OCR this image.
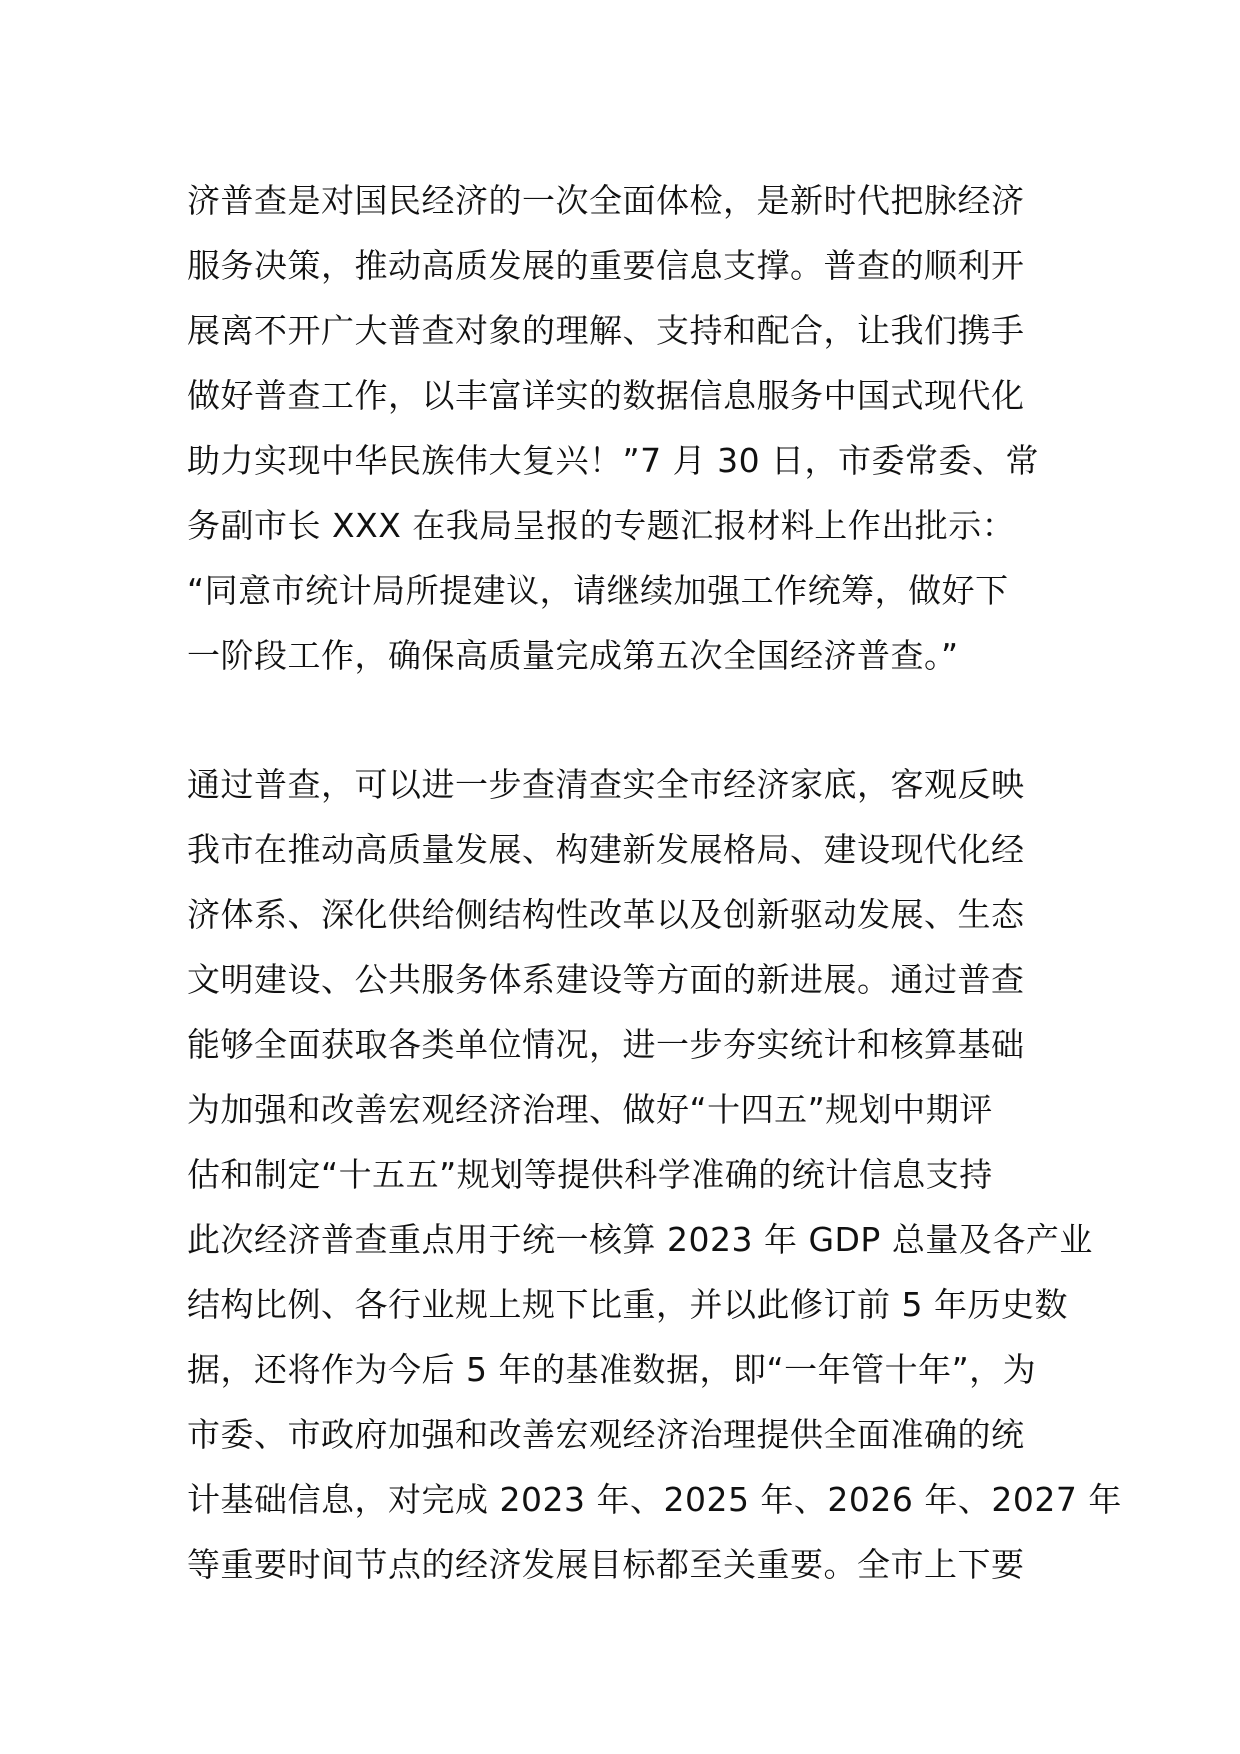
济普查是对国民经济的一次全面体检，是新时代把脉经济
服务决策，推动高质发展的重要信息支撑。普查的顺利开
展离不开广大普查对象的理解、支持和配合，让我们携手
做好普查工作，以丰富详实的数据信息服务中国式现代化
助力实现中华民族伟大复兴！”7 月 30 日，市委常委、常
务副市长 XXX 在我局呈报的专题汇报材料上作出批示：
“同意市统计局所提建议，请继续加强工作统筹，做好下
一阶段工作，确保高质量完成第五次全国经济普查。”
通过普查，可以进一步查清查实全市经济家底，客观反映
我市在推动高质量发展、构建新发展格局、建设现代化经
济体系、深化供给侧结构性改革以及创新驱动发展、生态
文明建设、公共服务体系建设等方面的新进展。通过普查
能够全面获取各类单位情况，进一步夯实统计和核算基础
为加强和改善宏观经济治理、做好“十四五”规划中期评
估和制定“十五五”规划等提供科学准确的统计信息支持
此次经济普查重点用于统一核算 2023 年 GDP 总量及各产业
结构比例、各行业规上规下比重，并以此修订前 5 年历史数
据，还将作为今后 5 年的基准数据，即“一年管十年”，为
市委、市政府加强和改善宏观经济治理提供全面准确的统
计基础信息，对完成 2023 年、2025 年、2026 年、2027 年
等重要时间节点的经济发展目标都至关重要。全市上下要
